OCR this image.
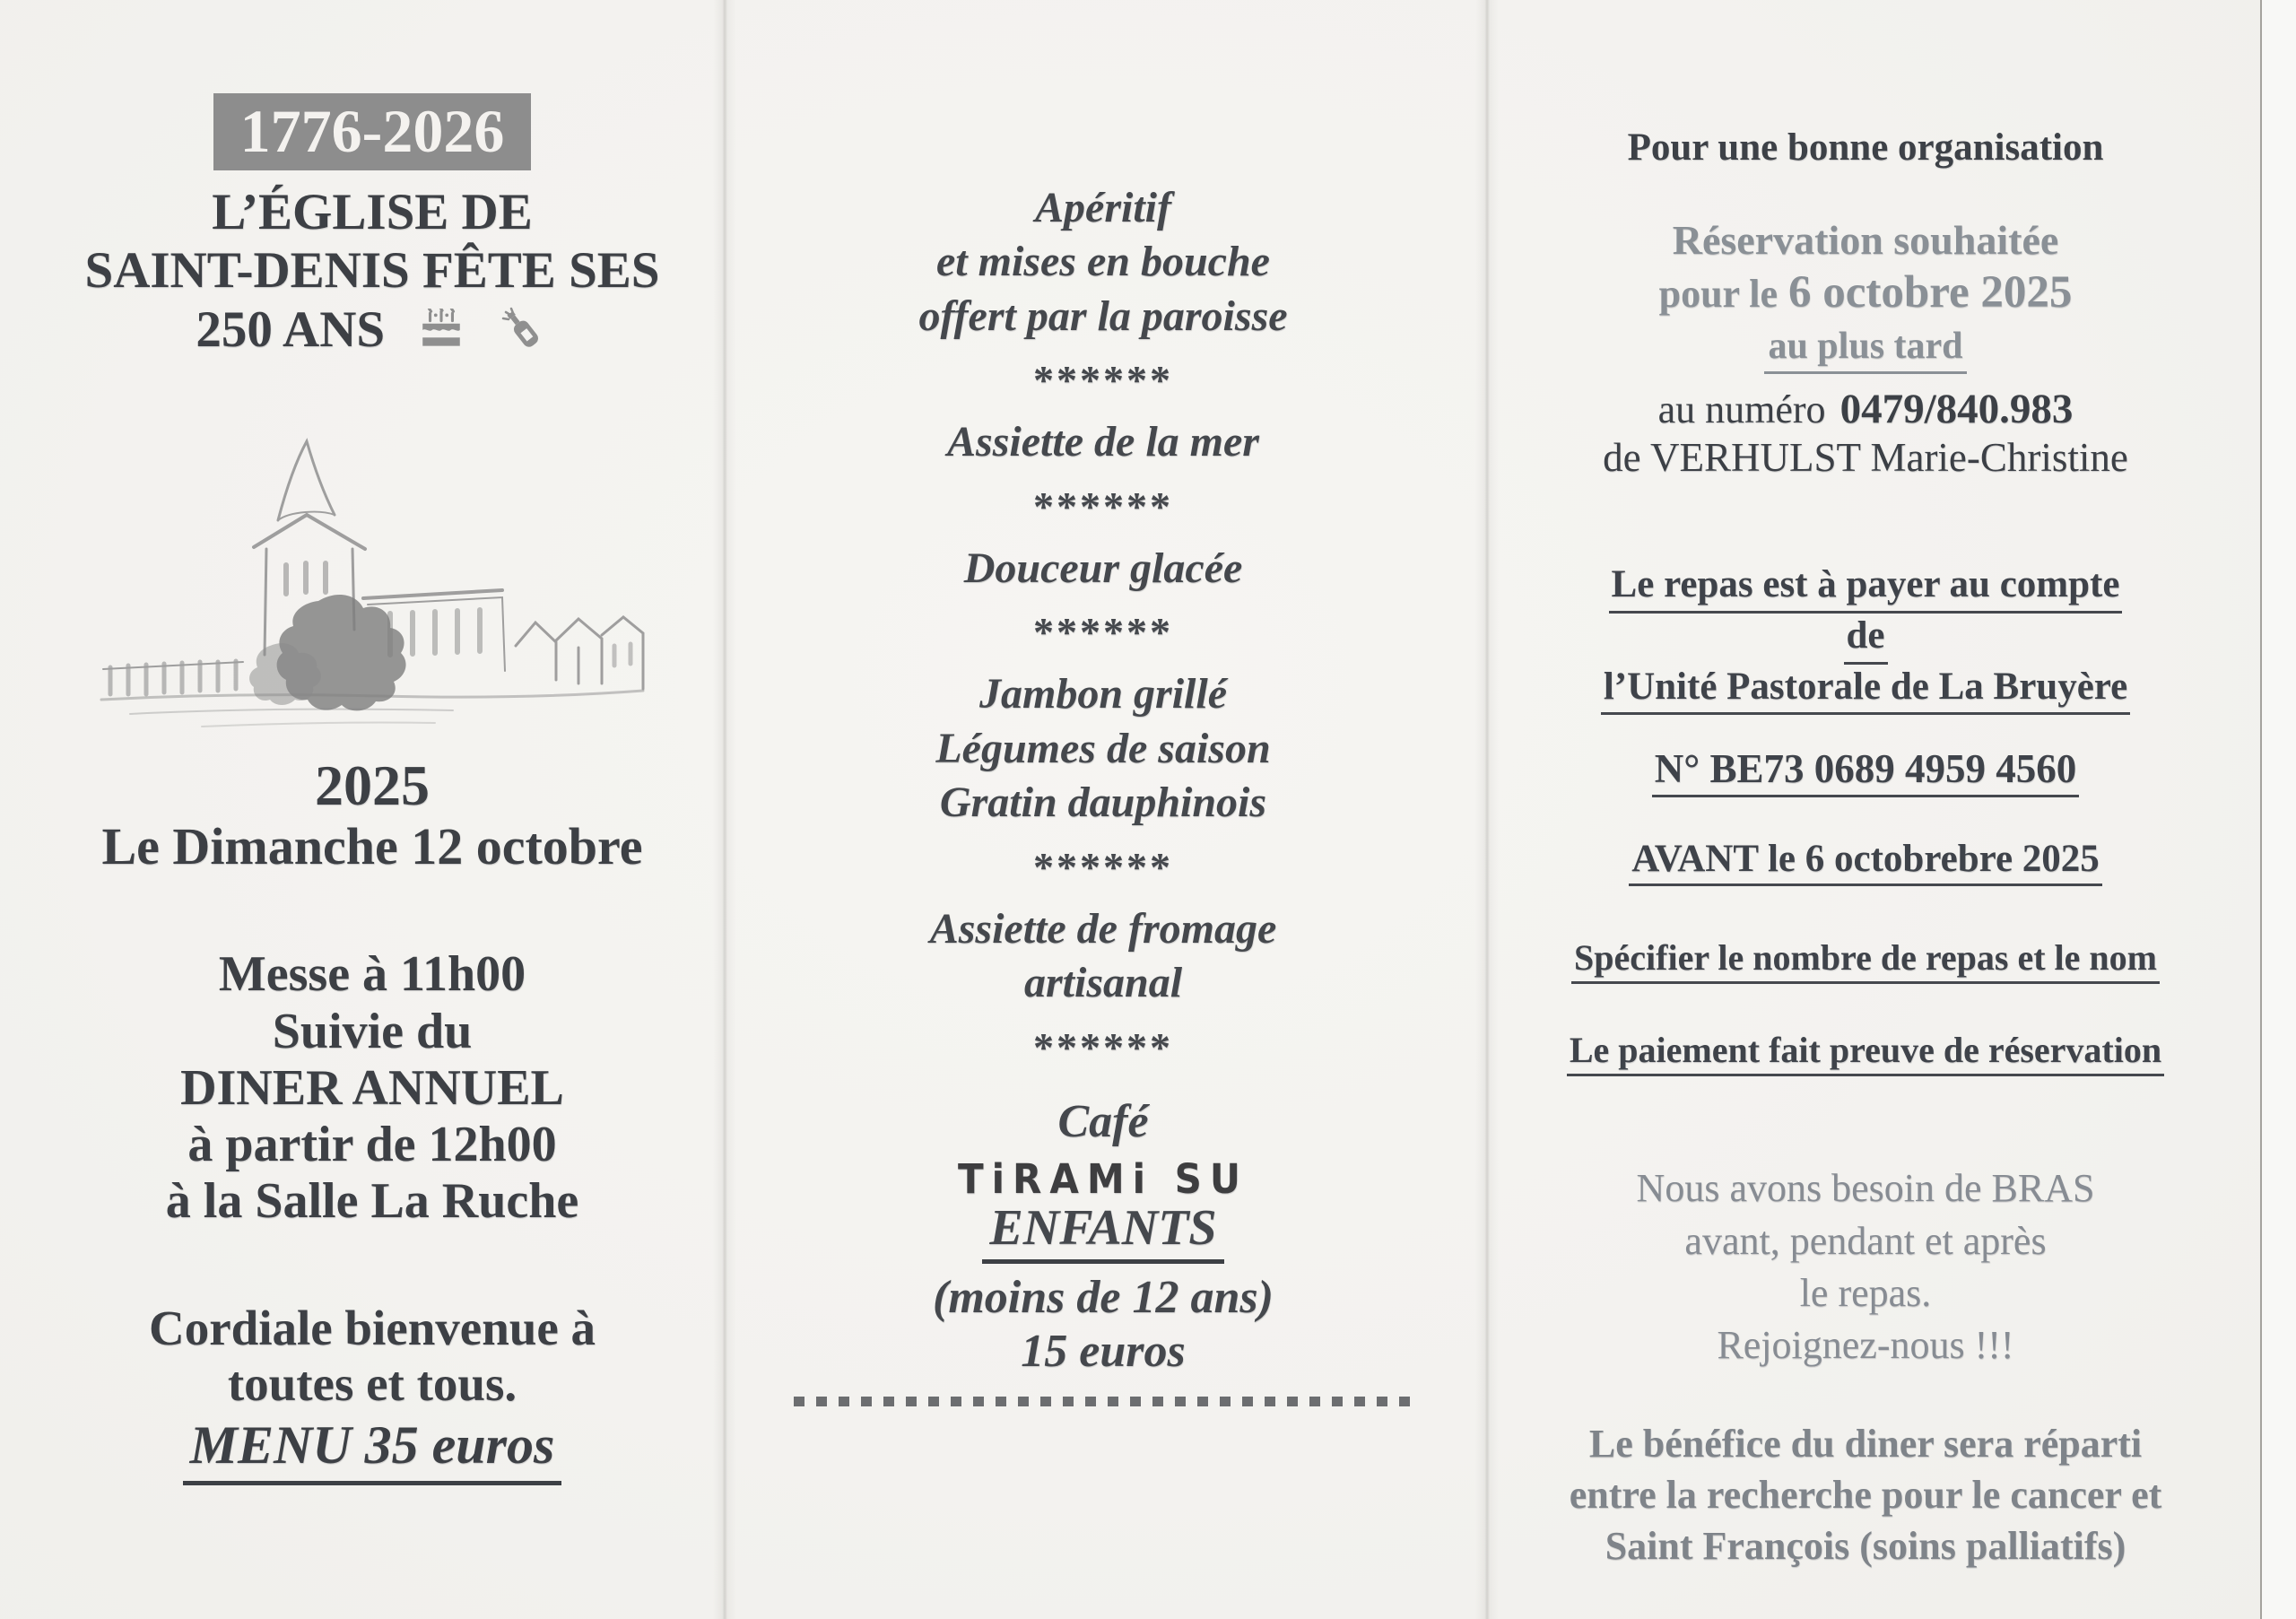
1776-2026
L’ÉGLISE DE
SAINT-DENIS FÊTE SES
250 ANS
2025
Le Dimanche 12 octobre
Messe à 11h00
Suivie du
DINER ANNUEL
à partir de 12h00
à la Salle La Ruche
Cordiale bienvenue à
toutes et tous.
MENU 35 euros
Apéritif
et mises en bouche
offert par la paroisse
******
Assiette de la mer
******
Douceur glacée
******
Jambon grillé
Légumes de saison
Gratin dauphinois
******
Assiette de fromage
artisanal
******
Café
TiRAMi SU
ENFANTS
(moins de 12 ans)
15 euros
Pour une bonne organisation
Réservation souhaitée
pour le 6 octobre 2025
au plus tard
au numéro 0479/840.983
de VERHULST Marie-Christine
Le repas est à payer au compte
de
l’Unité Pastorale de La Bruyère
N° BE73 0689 4959 4560
AVANT le 6 octobrebre 2025
Spécifier le nombre de repas et le nom
Le paiement fait preuve de réservation
Nous avons besoin de BRAS
avant, pendant et après
le repas.
Rejoignez-nous !!!
Le bénéfice du diner sera réparti
entre la recherche pour le cancer et
Saint François (soins palliatifs)
